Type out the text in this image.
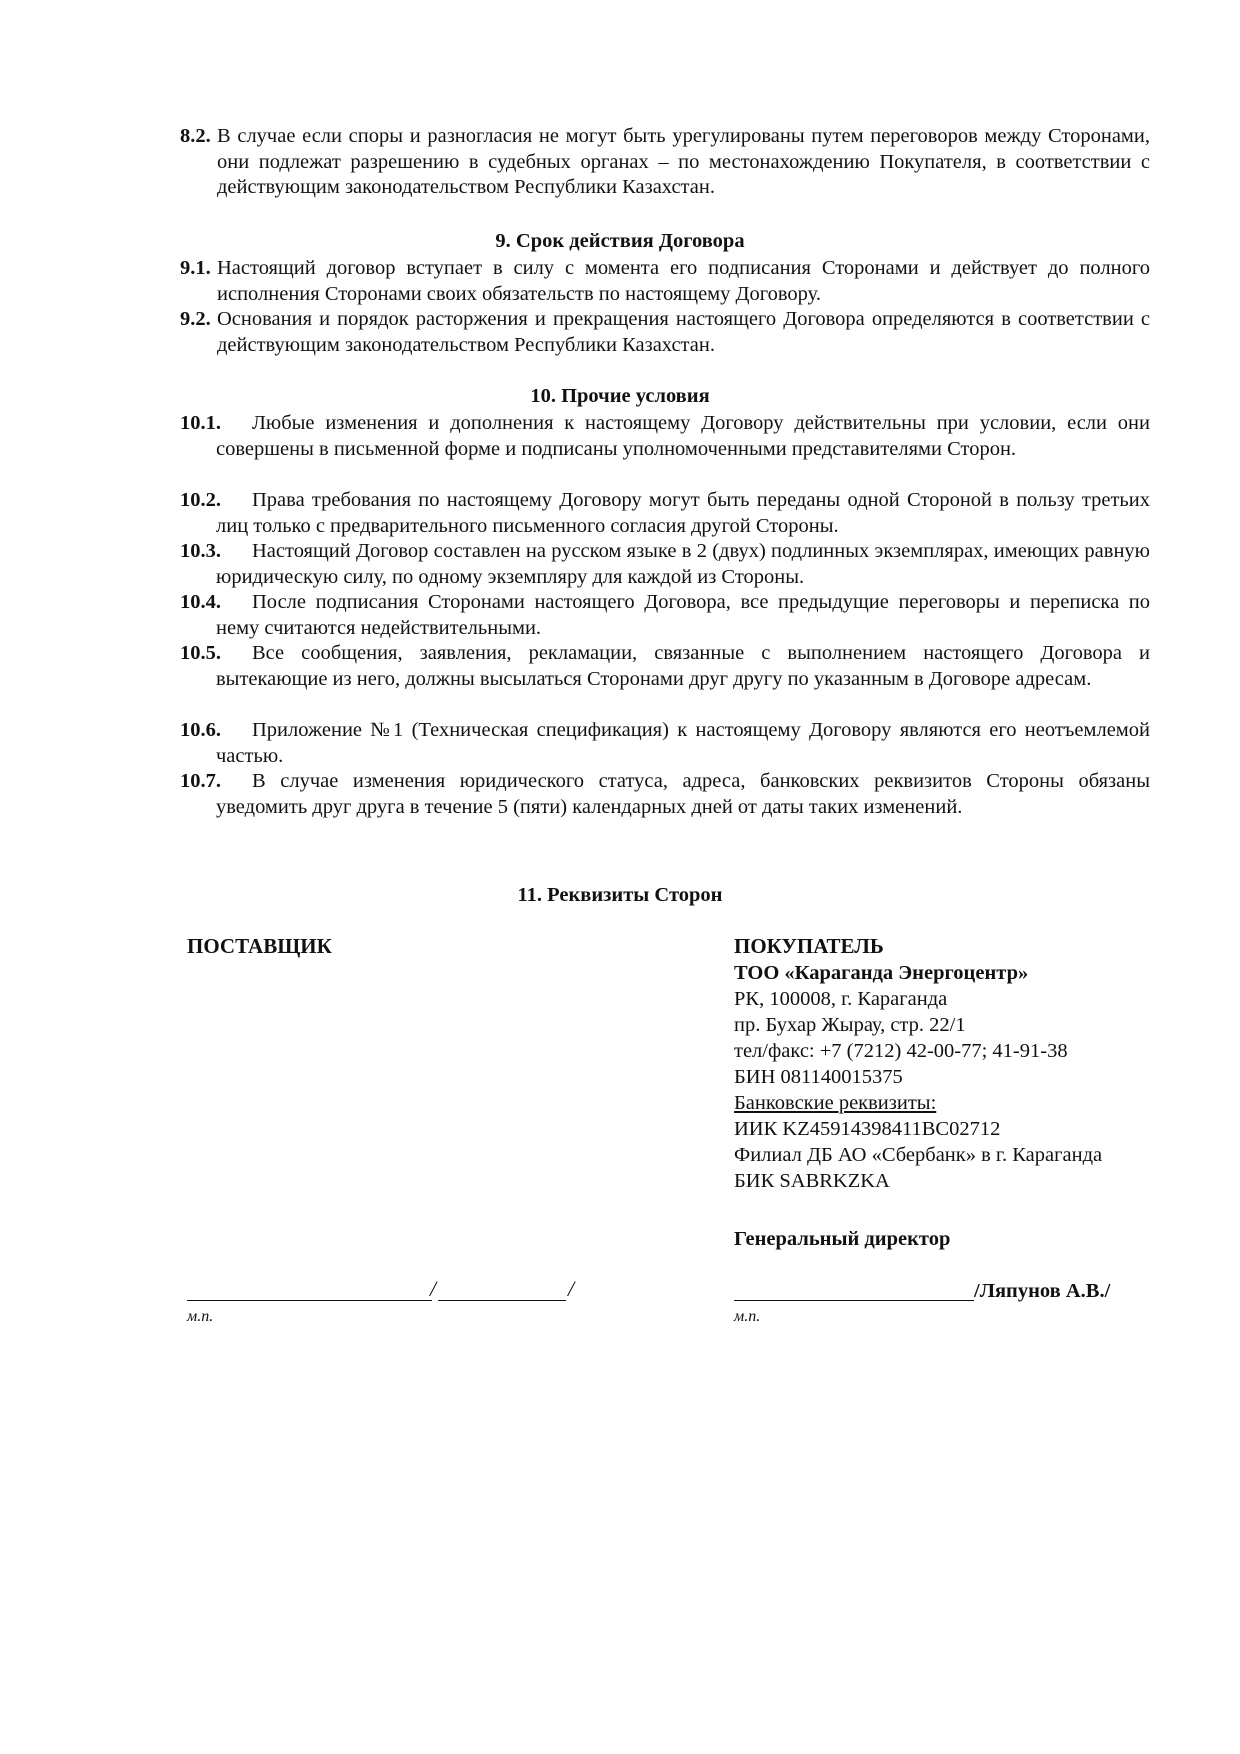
8.2. В случае если споры и разногласия не могут быть урегулированы путем переговоров между Сторонами, они подлежат разрешению в судебных органах – по местонахождению Покупателя, в соответствии с действующим законодательством Республики Казахстан.
9. Срок действия Договора
9.1. Настоящий договор вступает в силу с момента его подписания Сторонами и действует до полного исполнения Сторонами своих обязательств по настоящему Договору.
9.2. Основания и порядок расторжения и прекращения настоящего Договора определяются в соответствии с действующим законодательством Республики Казахстан.
10. Прочие условия
10.1.	Любые изменения и дополнения к настоящему Договору действительны при условии, если они совершены в письменной форме и подписаны уполномоченными представителями Сторон.
10.2.	Права требования по настоящему Договору могут быть переданы одной Стороной в пользу третьих лиц только с предварительного письменного согласия другой Стороны.
10.3.	Настоящий Договор составлен на русском языке в 2 (двух) подлинных экземплярах, имеющих равную юридическую силу, по одному экземпляру для каждой из Стороны.
10.4.	После подписания Сторонами настоящего Договора, все предыдущие переговоры и переписка по нему считаются недействительными.
10.5.	Все сообщения, заявления, рекламации, связанные с выполнением настоящего Договора и вытекающие из него, должны высылаться Сторонами друг другу по указанным в Договоре адресам.
10.6.	Приложение №1 (Техническая спецификация) к настоящему Договору являются его неотъемлемой частью.
10.7.	В случае изменения юридического статуса, адреса, банковских реквизитов Стороны обязаны уведомить друг друга в течение 5 (пяти) календарных дней от даты таких изменений.
11. Реквизиты Сторон
ПОСТАВЩИК	ПОКУПАТЕЛЬ
ТОО «Караганда Энергоцентр»
РК, 100008, г. Караганда
пр. Бухар Жырау, стр. 22/1
тел/факс: +7 (7212) 42-00-77; 41-91-38
БИН 081140015375
Банковские реквизиты:
ИИК KZ45914398411BC02712
Филиал ДБ АО «Сбербанк» в г. Караганда
БИК SABRKZKA
Генеральный директор
/	/
м.п.
/Ляпунов А.В./
м.п.
